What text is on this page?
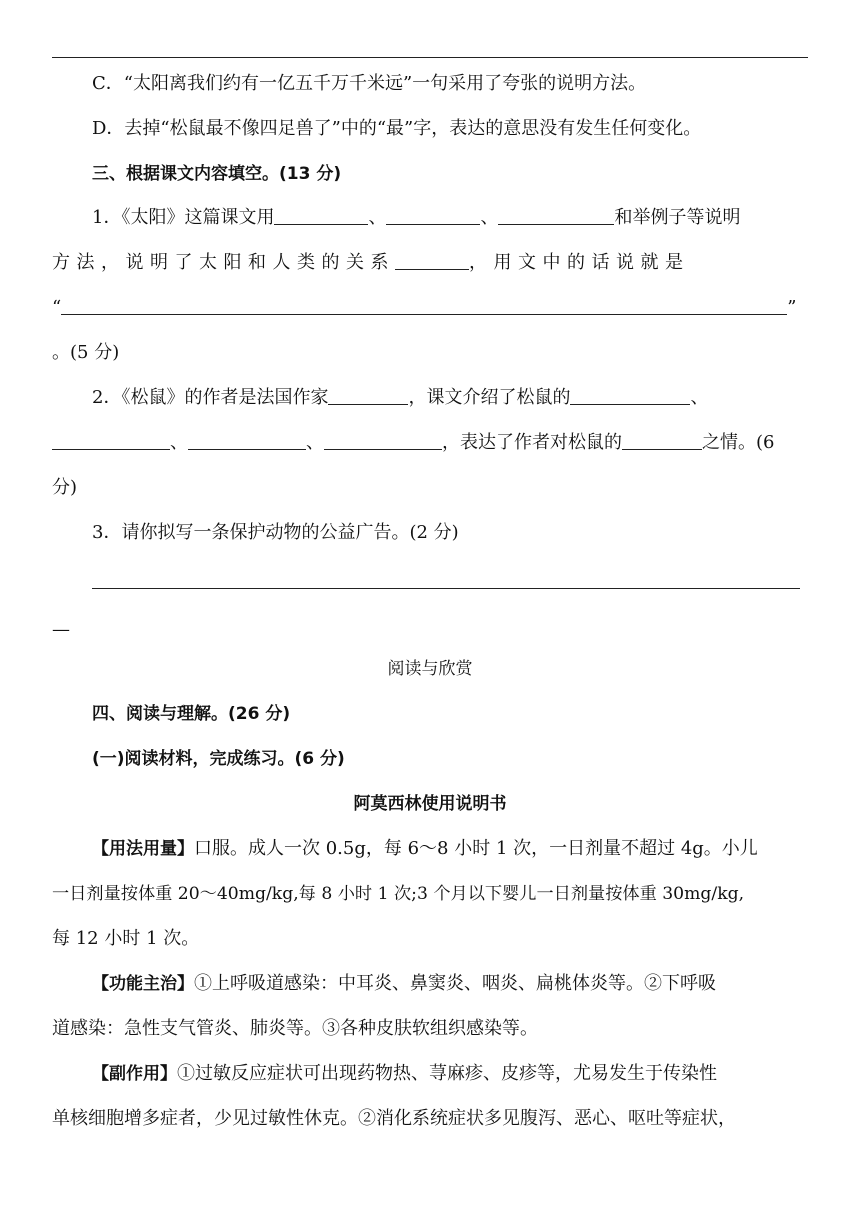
C．“太阳离我们约有一亿五千万千米远”一句采用了夸张的说明方法。
D．去掉“松鼠最不像四足兽了”中的“最”字，表达的意思没有发生任何变化。
三、根据课文内容填空。(13 分)
1．《太阳》这篇课文用	、	、	和举例子等说明
方法，说明了太阳和人类的关系	，用文中的话说就是
“	”
。(5 分)
2．《松鼠》的作者是法国作家	，课文介绍了松鼠的	、
、	、	，表达了作者对松鼠的	之情。(6
分)
3．请你拟写一条保护动物的公益广告。(2 分)
—
阅读与欣赏
四、阅读与理解。(26 分)
(一)阅读材料，完成练习。(6 分)
阿莫西林使用说明书
【用法用量】口服。成人一次 0.5g，每 6～8 小时 1 次，一日剂量不超过 4g。小儿
一日剂量按体重 20～40mg/kg,每 8 小时 1 次;3 个月以下婴儿一日剂量按体重 30mg/kg,
每 12 小时 1 次。
【功能主治】①上呼吸道感染：中耳炎、鼻窦炎、咽炎、扁桃体炎等。②下呼吸
道感染：急性支气管炎、肺炎等。③各种皮肤软组织感染等。
【副作用】①过敏反应症状可出现药物热、荨麻疹、皮疹等，尤易发生于传染性
单核细胞增多症者，少见过敏性休克。②消化系统症状多见腹泻、恶心、呕吐等症状，
